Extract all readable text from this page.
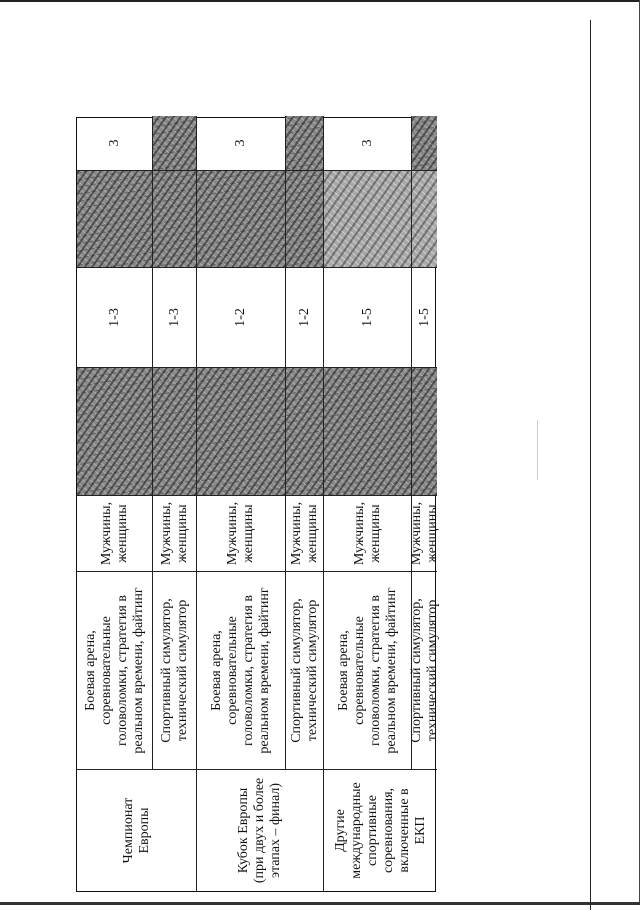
Чемпионат Европы
Боевая арена,
соревновательные
головоломки, стратегия в
реальном времени, файтинг
Мужчины,
женщины
1-3
3
Спортивный симулятор,
технический симулятор
Мужчины,
женщины
1-3
Кубок Европы
(при двух и более
этапах – финал)
Боевая арена,
соревновательные
головоломки, стратегия в
реальном времени, файтинг
Мужчины,
женщины
1-2
3
Спортивный симулятор,
технический симулятор
Мужчины,
женщины
1-2
Другие
международные
спортивные
соревнования,
включенные в ЕКП
Боевая арена,
соревновательные
головоломки, стратегия в
реальном времени, файтинг
Мужчины,
женщины
1-5
3
Спортивный симулятор,
технический симулятор
Мужчины,
женщины
1-5
